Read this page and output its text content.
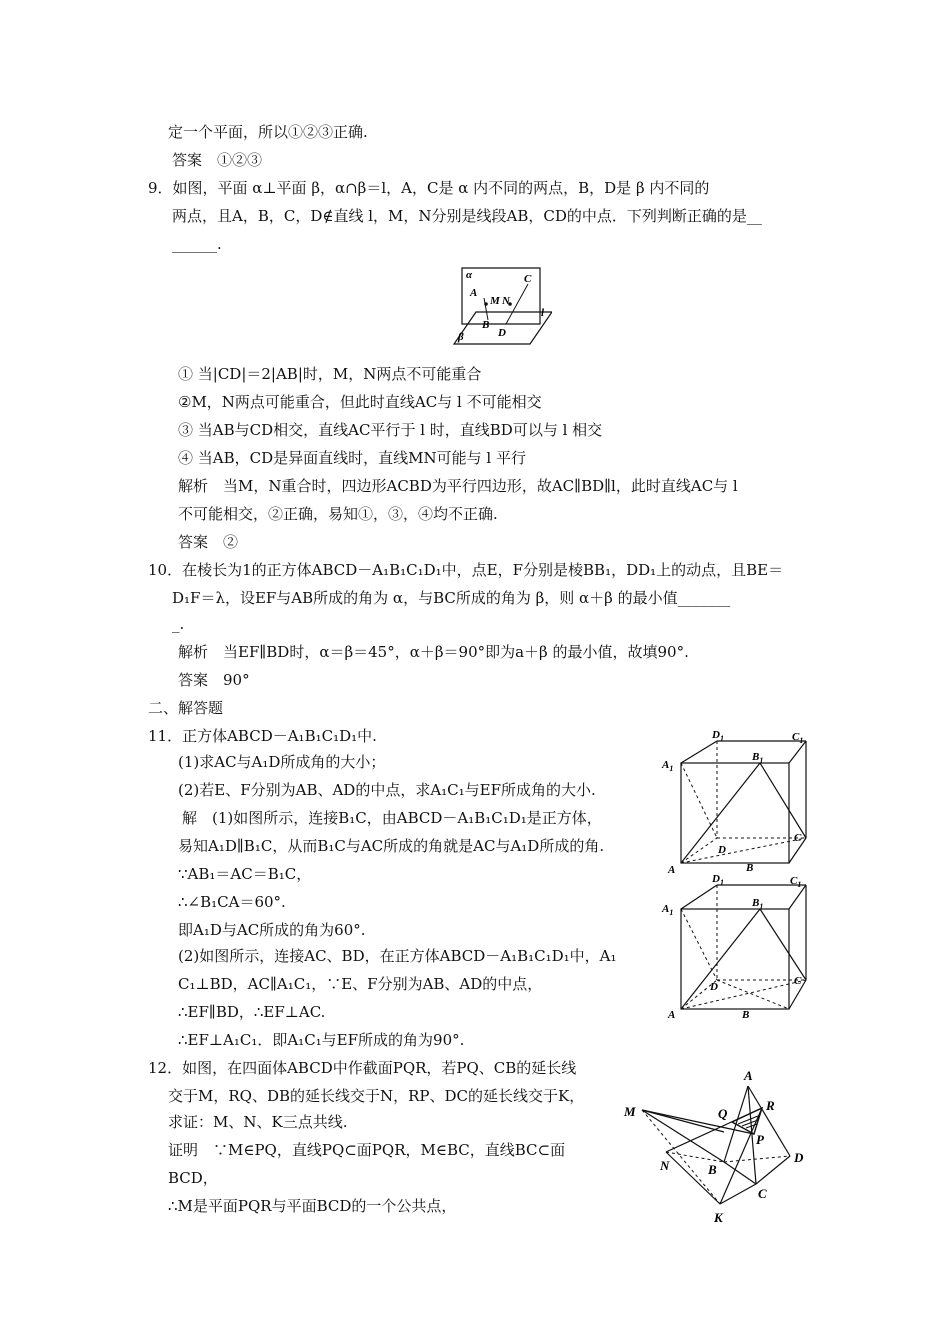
定一个平面，所以①②③正确.
答案　①②③
9．如图，平面 α⊥平面 β，α∩β＝l，A，C是 α 内不同的两点，B，D是 β 内不同的
两点，且A，B，C，D∉直线 l，M，N分别是线段AB，CD的中点．下列判断正确的是__
______.
α
A
M N
C
B
D
β
l
① 当|CD|＝2|AB|时，M，N两点不可能重合
②M，N两点可能重合，但此时直线AC与 l 不可能相交
③ 当AB与CD相交，直线AC平行于 l 时，直线BD可以与 l 相交
④ 当AB，CD是异面直线时，直线MN可能与 l 平行
解析　当M，N重合时，四边形ACBD为平行四边形，故AC∥BD∥l，此时直线AC与 l
不可能相交，②正确，易知①，③，④均不正确.
答案　②
10．在棱长为1的正方体ABCD－A₁B₁C₁D₁中，点E，F分别是棱BB₁，DD₁上的动点，且BE＝
D₁F＝λ，设EF与AB所成的角为 α，与BC所成的角为 β，则 α＋β 的最小值_______
_.
解析　当EF∥BD时，α＝β＝45°，α＋β＝90°即为a＋β 的最小值，故填90°.
答案　90°
二、解答题
11．正方体ABCD－A₁B₁C₁D₁中.
(1)求AC与A₁D所成角的大小；
(2)若E、F分别为AB、AD的中点，求A₁C₁与EF所成角的大小.
解　(1)如图所示，连接B₁C，由ABCD－A₁B₁C₁D₁是正方体，
易知A₁D∥B₁C，从而B₁C与AC所成的角就是AC与A₁D所成的角.
∵AB₁＝AC＝B₁C，
∴∠B₁CA＝60°.
即A₁D与AC所成的角为60°.
(2)如图所示，连接AC、BD，在正方体ABCD－A₁B₁C₁D₁中，A₁
C₁⊥BD，AC∥A₁C₁，∵E、F分别为AB、AD的中点，
∴EF∥BD，∴EF⊥AC.
∴EF⊥A₁C₁．即A₁C₁与EF所成的角为90°.
12．如图，在四面体ABCD中作截面PQR，若PQ、CB的延长线
交于M，RQ、DB的延长线交于N，RP、DC的延长线交于K，
求证：M、N、K三点共线.
证明　∵M∈PQ，直线PQ⊂面PQR，M∈BC，直线BC⊂面
BCD，
∴M是平面PQR与平面BCD的一个公共点，
$D_1$	$C_1$
$A_1$
$B_1$
D
C
A	B
$D_1$	$C_1$
$A_1$
$B_1$
D	C
A	B
A
R
Q
P
M
N	B
D
C
K
